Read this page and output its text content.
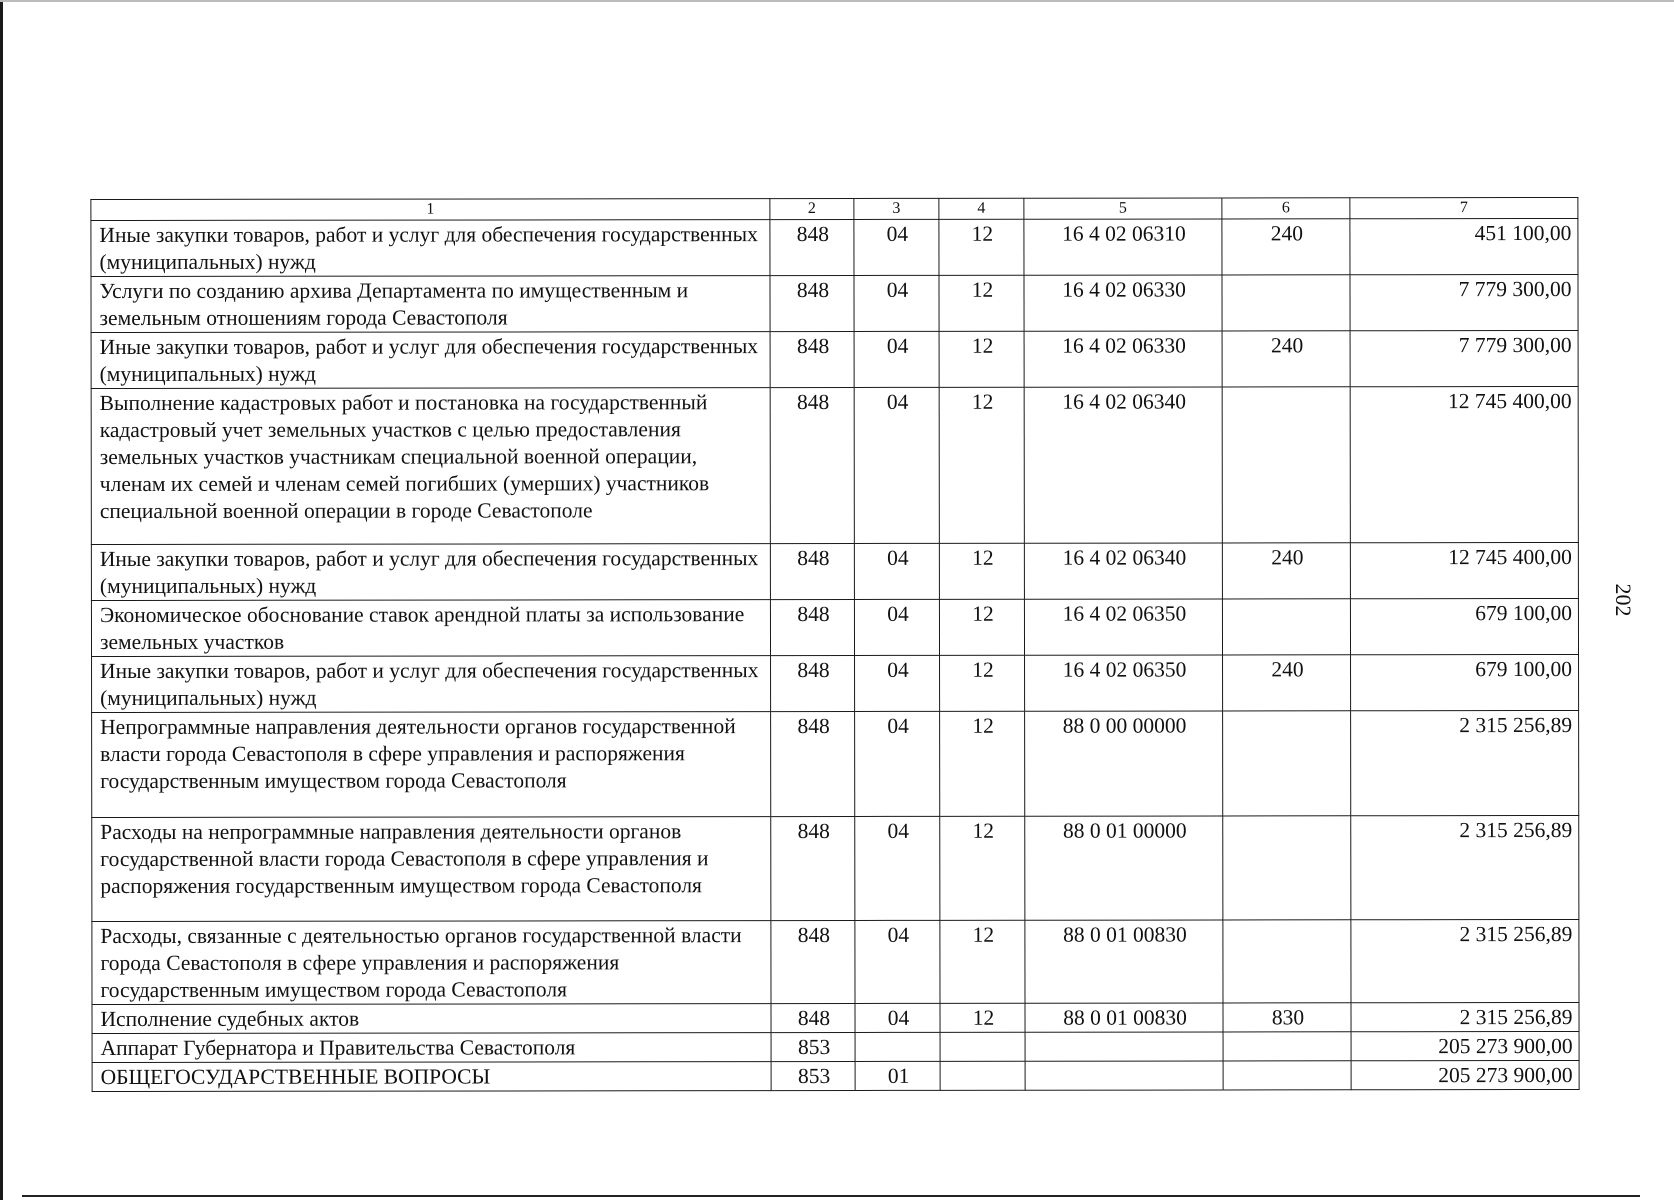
1	2	3	4	5	6	7
Иные закупки товаров, работ и услуг для обеспечения государственных (муниципальных) нужд	848	04	12	16 4 02 06310	240	451 100,00
Услуги по созданию архива Департамента по имущественным и земельным отношениям города Севастополя	848	04	12	16 4 02 06330		7 779 300,00
Иные закупки товаров, работ и услуг для обеспечения государственных (муниципальных) нужд	848	04	12	16 4 02 06330	240	7 779 300,00
Выполнение кадастровых работ и постановка на государственный кадастровый учет земельных участков с целью предоставления земельных участков участникам специальной военной операции, членам их семей и членам семей погибших (умерших) участников специальной военной операции в городе Севастополе	848	04	12	16 4 02 06340		12 745 400,00
Иные закупки товаров, работ и услуг для обеспечения государственных (муниципальных) нужд	848	04	12	16 4 02 06340	240	12 745 400,00
Экономическое обоснование ставок арендной платы за использование земельных участков	848	04	12	16 4 02 06350		679 100,00
Иные закупки товаров, работ и услуг для обеспечения государственных (муниципальных) нужд	848	04	12	16 4 02 06350	240	679 100,00
Непрограммные направления деятельности органов государственной власти города Севастополя в сфере управления и распоряжения государственным имуществом города Севастополя	848	04	12	88 0 00 00000		2 315 256,89
Расходы на непрограммные направления деятельности органов государственной власти города Севастополя в сфере управления и распоряжения государственным имуществом города Севастополя	848	04	12	88 0 01 00000		2 315 256,89
Расходы, связанные с деятельностью органов государственной власти города Севастополя в сфере управления и распоряжения государственным имуществом города Севастополя	848	04	12	88 0 01 00830		2 315 256,89
Исполнение судебных актов	848	04	12	88 0 01 00830	830	2 315 256,89
Аппарат Губернатора и Правительства Севастополя	853					205 273 900,00
ОБЩЕГОСУДАРСТВЕННЫЕ ВОПРОСЫ	853	01				205 273 900,00
202
